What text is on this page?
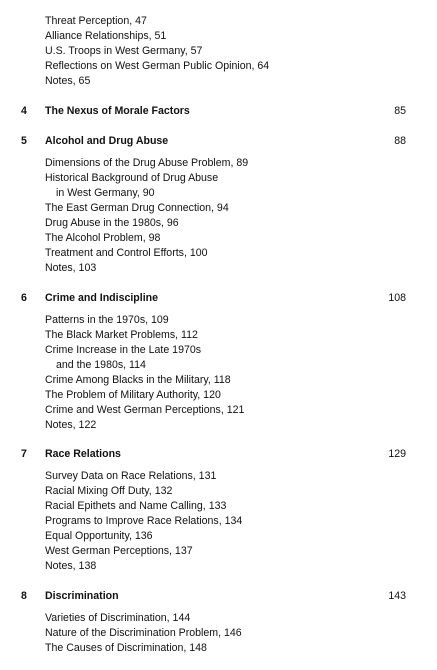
Threat Perception, 47
Alliance Relationships, 51
U.S. Troops in West Germany, 57
Reflections on West German Public Opinion, 64
Notes, 65
4 The Nexus of Morale Factors	85
5 Alcohol and Drug Abuse	88
Dimensions of the Drug Abuse Problem, 89
Historical Background of Drug Abuse
in West Germany, 90
The East German Drug Connection, 94
Drug Abuse in the 1980s, 96
The Alcohol Problem, 98
Treatment and Control Efforts, 100
Notes, 103
6 Crime and Indiscipline	108
Patterns in the 1970s, 109
The Black Market Problems, 112
Crime Increase in the Late 1970s
and the 1980s, 114
Crime Among Blacks in the Military, 118
The Problem of Military Authority, 120
Crime and West German Perceptions, 121
Notes, 122
7 Race Relations	129
Survey Data on Race Relations, 131
Racial Mixing Off Duty, 132
Racial Epithets and Name Calling, 133
Programs to Improve Race Relations, 134
Equal Opportunity, 136
West German Perceptions, 137
Notes, 138
8 Discrimination	143
Varieties of Discrimination, 144
Nature of the Discrimination Problem, 146
The Causes of Discrimination, 148
